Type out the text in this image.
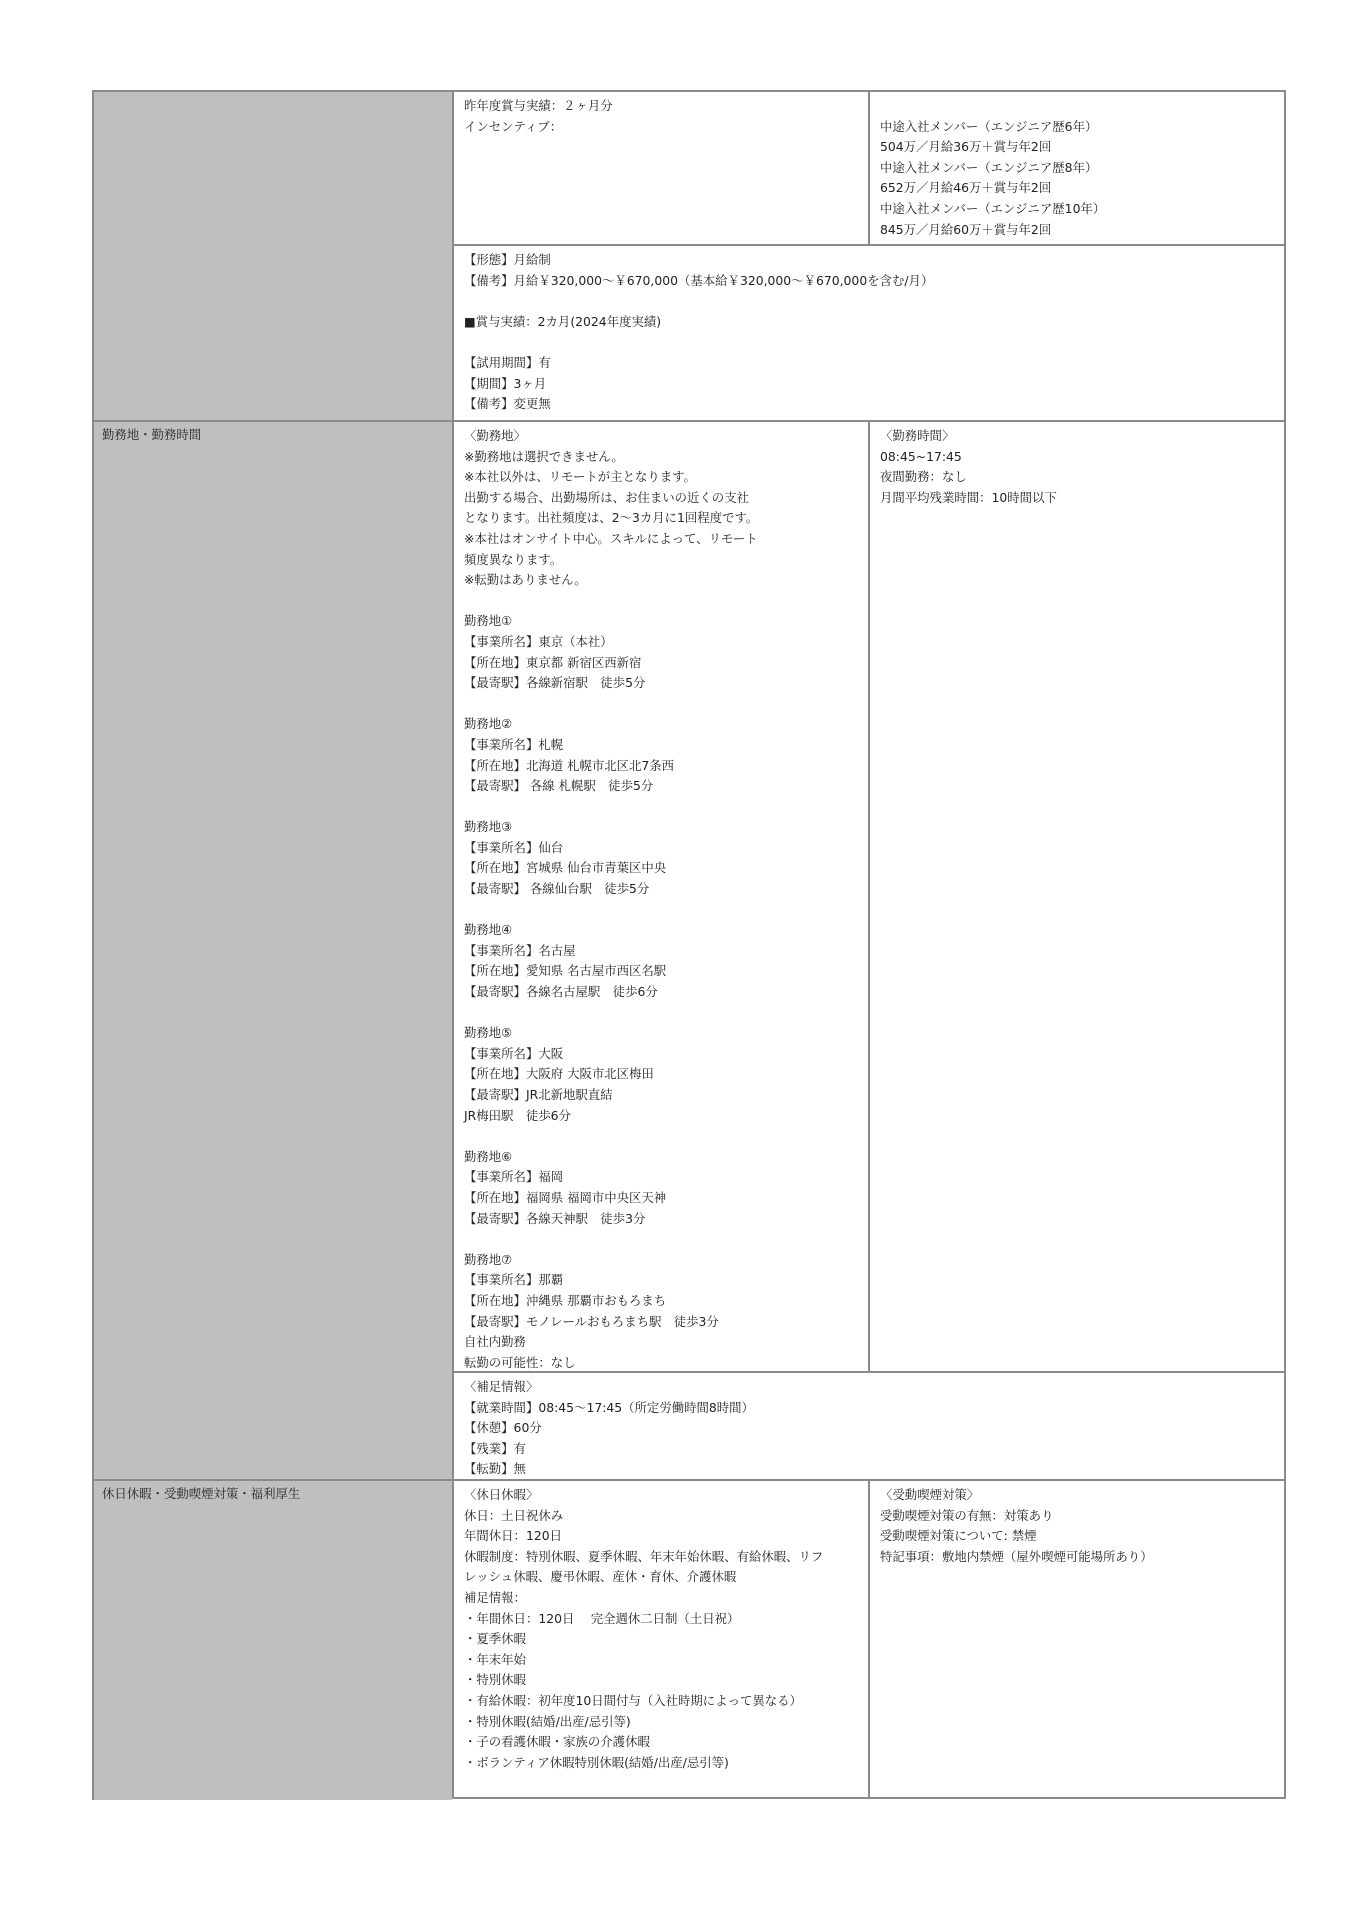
勤務地・勤務時間
休日休暇・受動喫煙対策・福利厚生
昨年度賞与実績：２ヶ月分
インセンティブ：	
中途入社メンバー（エンジニア歴6年）
504万／月給36万＋賞与年2回
中途入社メンバー（エンジニア歴8年）
652万／月給46万＋賞与年2回
中途入社メンバー（エンジニア歴10年）
845万／月給60万＋賞与年2回
【形態】月給制
【備考】月給￥320,000～￥670,000（基本給￥320,000～￥670,000を含む/月）

■賞与実績：2カ月(2024年度実績)

【試用期間】有
【期間】3ヶ月
【備考】変更無
〈勤務地〉
※勤務地は選択できません。
※本社以外は、リモートが主となります。
出勤する場合、出勤場所は、お住まいの近くの支社
となります。出社頻度は、2～3カ月に1回程度です。
※本社はオンサイト中心。スキルによって、リモート
頻度異なります。
※転勤はありません。

勤務地①
【事業所名】東京（本社）
【所在地】東京都 新宿区西新宿
【最寄駅】各線新宿駅　徒歩5分

勤務地②
【事業所名】札幌
【所在地】北海道 札幌市北区北7条西
【最寄駅】 各線 札幌駅　徒歩5分

勤務地③
【事業所名】仙台
【所在地】宮城県 仙台市青葉区中央
【最寄駅】 各線仙台駅　徒歩5分

勤務地④
【事業所名】名古屋
【所在地】愛知県 名古屋市西区名駅
【最寄駅】各線名古屋駅　徒歩6分

勤務地⑤
【事業所名】大阪
【所在地】大阪府 大阪市北区梅田
【最寄駅】JR北新地駅直結
JR梅田駅　徒歩6分

勤務地⑥
【事業所名】福岡
【所在地】福岡県 福岡市中央区天神
【最寄駅】各線天神駅　徒歩3分

勤務地⑦
【事業所名】那覇
【所在地】沖縄県 那覇市おもろまち
【最寄駅】モノレールおもろまち駅　徒歩3分
自社内勤務
転勤の可能性：なし
〈勤務時間〉
08:45~17:45
夜間勤務：なし
月間平均残業時間：10時間以下
〈補足情報〉
【就業時間】08:45～17:45（所定労働時間8時間）
【休憩】60分
【残業】有
【転勤】無
〈休日休暇〉
休日：土日祝休み
年間休日：120日
休暇制度：特別休暇、夏季休暇、年末年始休暇、有給休暇、リフ
レッシュ休暇、慶弔休暇、産休・育休、介護休暇
補足情報：
・年間休日：120日　 完全週休二日制（土日祝）
・夏季休暇
・年末年始
・特別休暇
・有給休暇：初年度10日間付与（入社時期によって異なる）
・特別休暇(結婚/出産/忌引等)
・子の看護休暇・家族の介護休暇
・ボランティア休暇特別休暇(結婚/出産/忌引等)
〈受動喫煙対策〉
受動喫煙対策の有無：対策あり
受動喫煙対策について: 禁煙
特記事項：敷地内禁煙（屋外喫煙可能場所あり）
